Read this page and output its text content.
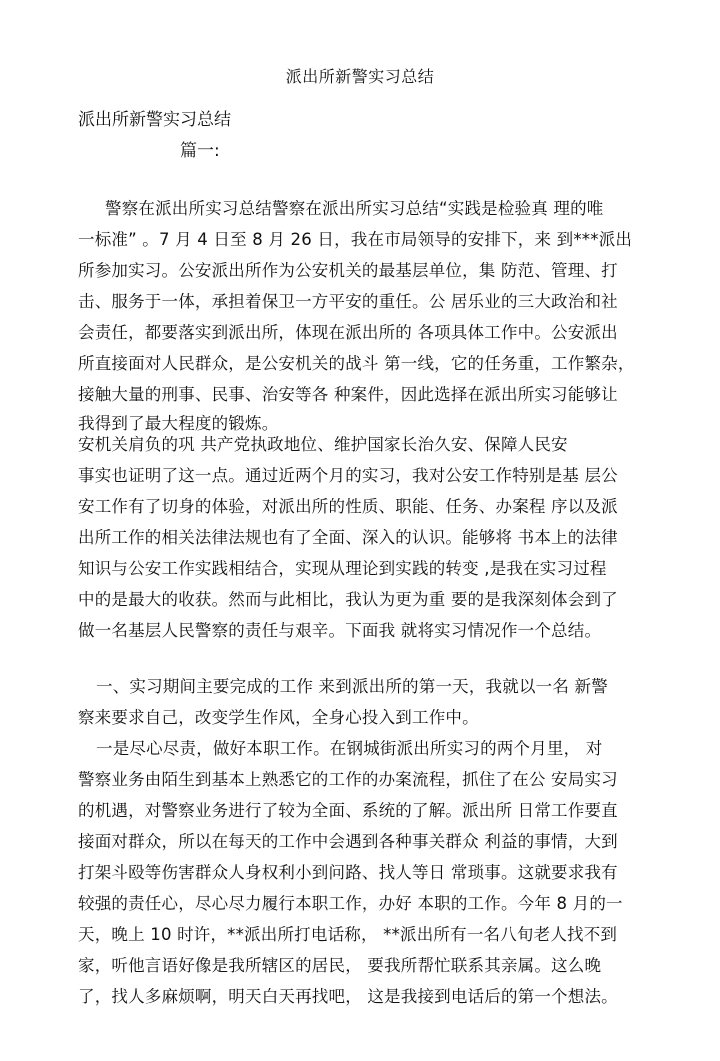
派出所新警实习总结
派出所新警实习总结
篇一:
警察在派出所实习总结警察在派出所实习总结“实践是检验真 理的唯
一标准” 。7 月 4 日至 8 月 26 日，我在市局领导的安排下，来 到***派出
所参加实习。公安派出所作为公安机关的最基层单位，集 防范、管理、打
击、服务于一体，承担着保卫一方平安的重任。公 居乐业的三大政治和社
会责任，都要落实到派出所，体现在派出所的 各项具体工作中。公安派出
所直接面对人民群众，是公安机关的战斗 第一线，它的任务重，工作繁杂，
接触大量的刑事、民事、治安等各 种案件，因此选择在派出所实习能够让
我得到了最大程度的锻炼。
安机关肩负的巩 共产党执政地位、维护国家长治久安、保障人民安
事实也证明了这一点。通过近两个月的实习，我对公安工作特别是基 层公
安工作有了切身的体验，对派出所的性质、职能、任务、办案程 序以及派
出所工作的相关法律法规也有了全面、深入的认识。能够将 书本上的法律
知识与公安工作实践相结合，实现从理论到实践的转变 ,是我在实习过程
中的是最大的收获。然而与此相比，我认为更为重 要的是我深刻体会到了
做一名基层人民警察的责任与艰辛。下面我 就将实习情况作一个总结。
一、实习期间主要完成的工作 来到派出所的第一天，我就以一名 新警
察来要求自己，改变学生作风，全身心投入到工作中。
一是尽心尽责，做好本职工作。在钢城街派出所实习的两个月里， 对
警察业务由陌生到基本上熟悉它的工作的办案流程，抓住了在公 安局实习
的机遇，对警察业务进行了较为全面、系统的了解。派出所 日常工作要直
接面对群众，所以在每天的工作中会遇到各种事关群众 利益的事情，大到
打架斗殴等伤害群众人身权利小到问路、找人等日 常琐事。这就要求我有
较强的责任心，尽心尽力履行本职工作，办好 本职的工作。今年 8 月的一
天，晚上 10 时许，**派出所打电话称， **派出所有一名八旬老人找不到
家，听他言语好像是我所辖区的居民， 要我所帮忙联系其亲属。这么晚
了，找人多麻烦啊，明天白天再找吧， 这是我接到电话后的第一个想法。
